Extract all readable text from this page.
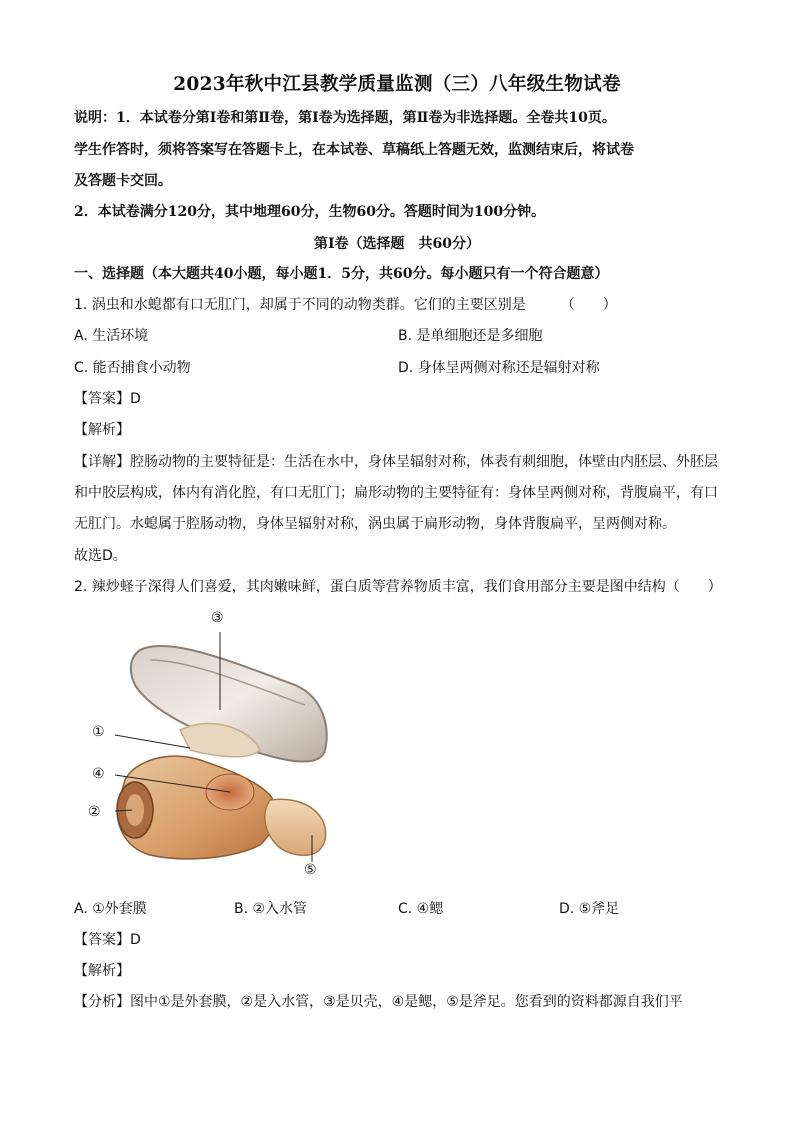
2023年秋中江县教学质量监测（三）八年级生物试卷
说明：1．本试卷分第Ⅰ卷和第Ⅱ卷，第Ⅰ卷为选择题，第Ⅱ卷为非选择题。全卷共10页。
学生作答时，须将答案写在答题卡上，在本试卷、草稿纸上答题无效，监测结束后，将试卷
及答题卡交回。
2．本试卷满分120分，其中地理60分，生物60分。答题时间为100分钟。
第Ⅰ卷（选择题　共60分）
一、选择题（本大题共40小题，每小题1．5分，共60分。每小题只有一个符合题意）
1. 涡虫和水螅都有口无肛门，却属于不同的动物类群。它们的主要区别是　　　（　　）
A. 生活环境	B. 是单细胞还是多细胞
C. 能否捕食小动物	D. 身体呈两侧对称还是辐射对称
【答案】D
【解析】
【详解】腔肠动物的主要特征是：生活在水中，身体呈辐射对称，体表有刺细胞，体壁由内胚层、外胚层
和中胶层构成，体内有消化腔，有口无肛门；扁形动物的主要特征有：身体呈两侧对称，背腹扁平，有口
无肛门。水螅属于腔肠动物，身体呈辐射对称，涡虫属于扁形动物，身体背腹扁平，呈两侧对称。
故选D。
2. 辣炒蛏子深得人们喜爱，其肉嫩味鲜，蛋白质等营养物质丰富，我们食用部分主要是图中结构（　　）
③
①
④
②
⑤
A. ①外套膜	B. ②入水管	C. ④鳃	D. ⑤斧足
【答案】D
【解析】
【分析】图中①是外套膜，②是入水管，③是贝壳，④是鳃，⑤是斧足。您看到的资料都源自我们平
